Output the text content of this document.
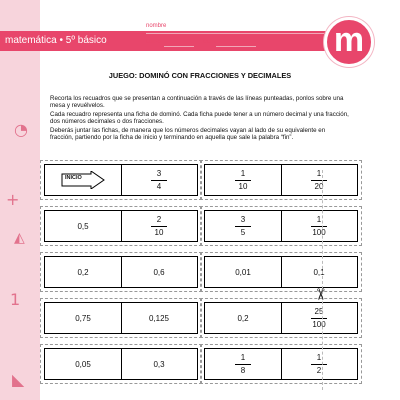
◔
+
◭
1
◣
matemática • 5º básico
nombre
curso	fecha	m
JUEGO: DOMINÓ CON FRACCIONES Y DECIMALES
Recorta los recuadros que se presentan a continuación a través de las líneas punteadas, ponlos sobre una mesa y revuélvelos.
Cada recuadro representa una ficha de dominó. Cada ficha puede tener a un número decimal y una fracción, dos números decimales o dos fracciones.
Deberás juntar las fichas, de manera que los números decimales vayan al lado de su equivalente en fracción, partiendo por la ficha de inicio y terminando en aquella que sale la palabra “fin”.
INICIO	$\frac{3}{4}$	$\frac{1}{10}$	$\frac{1}{20}$
0,5	$\frac{2}{10}$	$\frac{3}{5}$	$\frac{1}{100}$
0,2	0,6	0,01	0,1
0,75	0,125	0,2	$\frac{25}{100}$
0,05	0,3	$\frac{1}{8}$	$\frac{1}{2}$
✂
